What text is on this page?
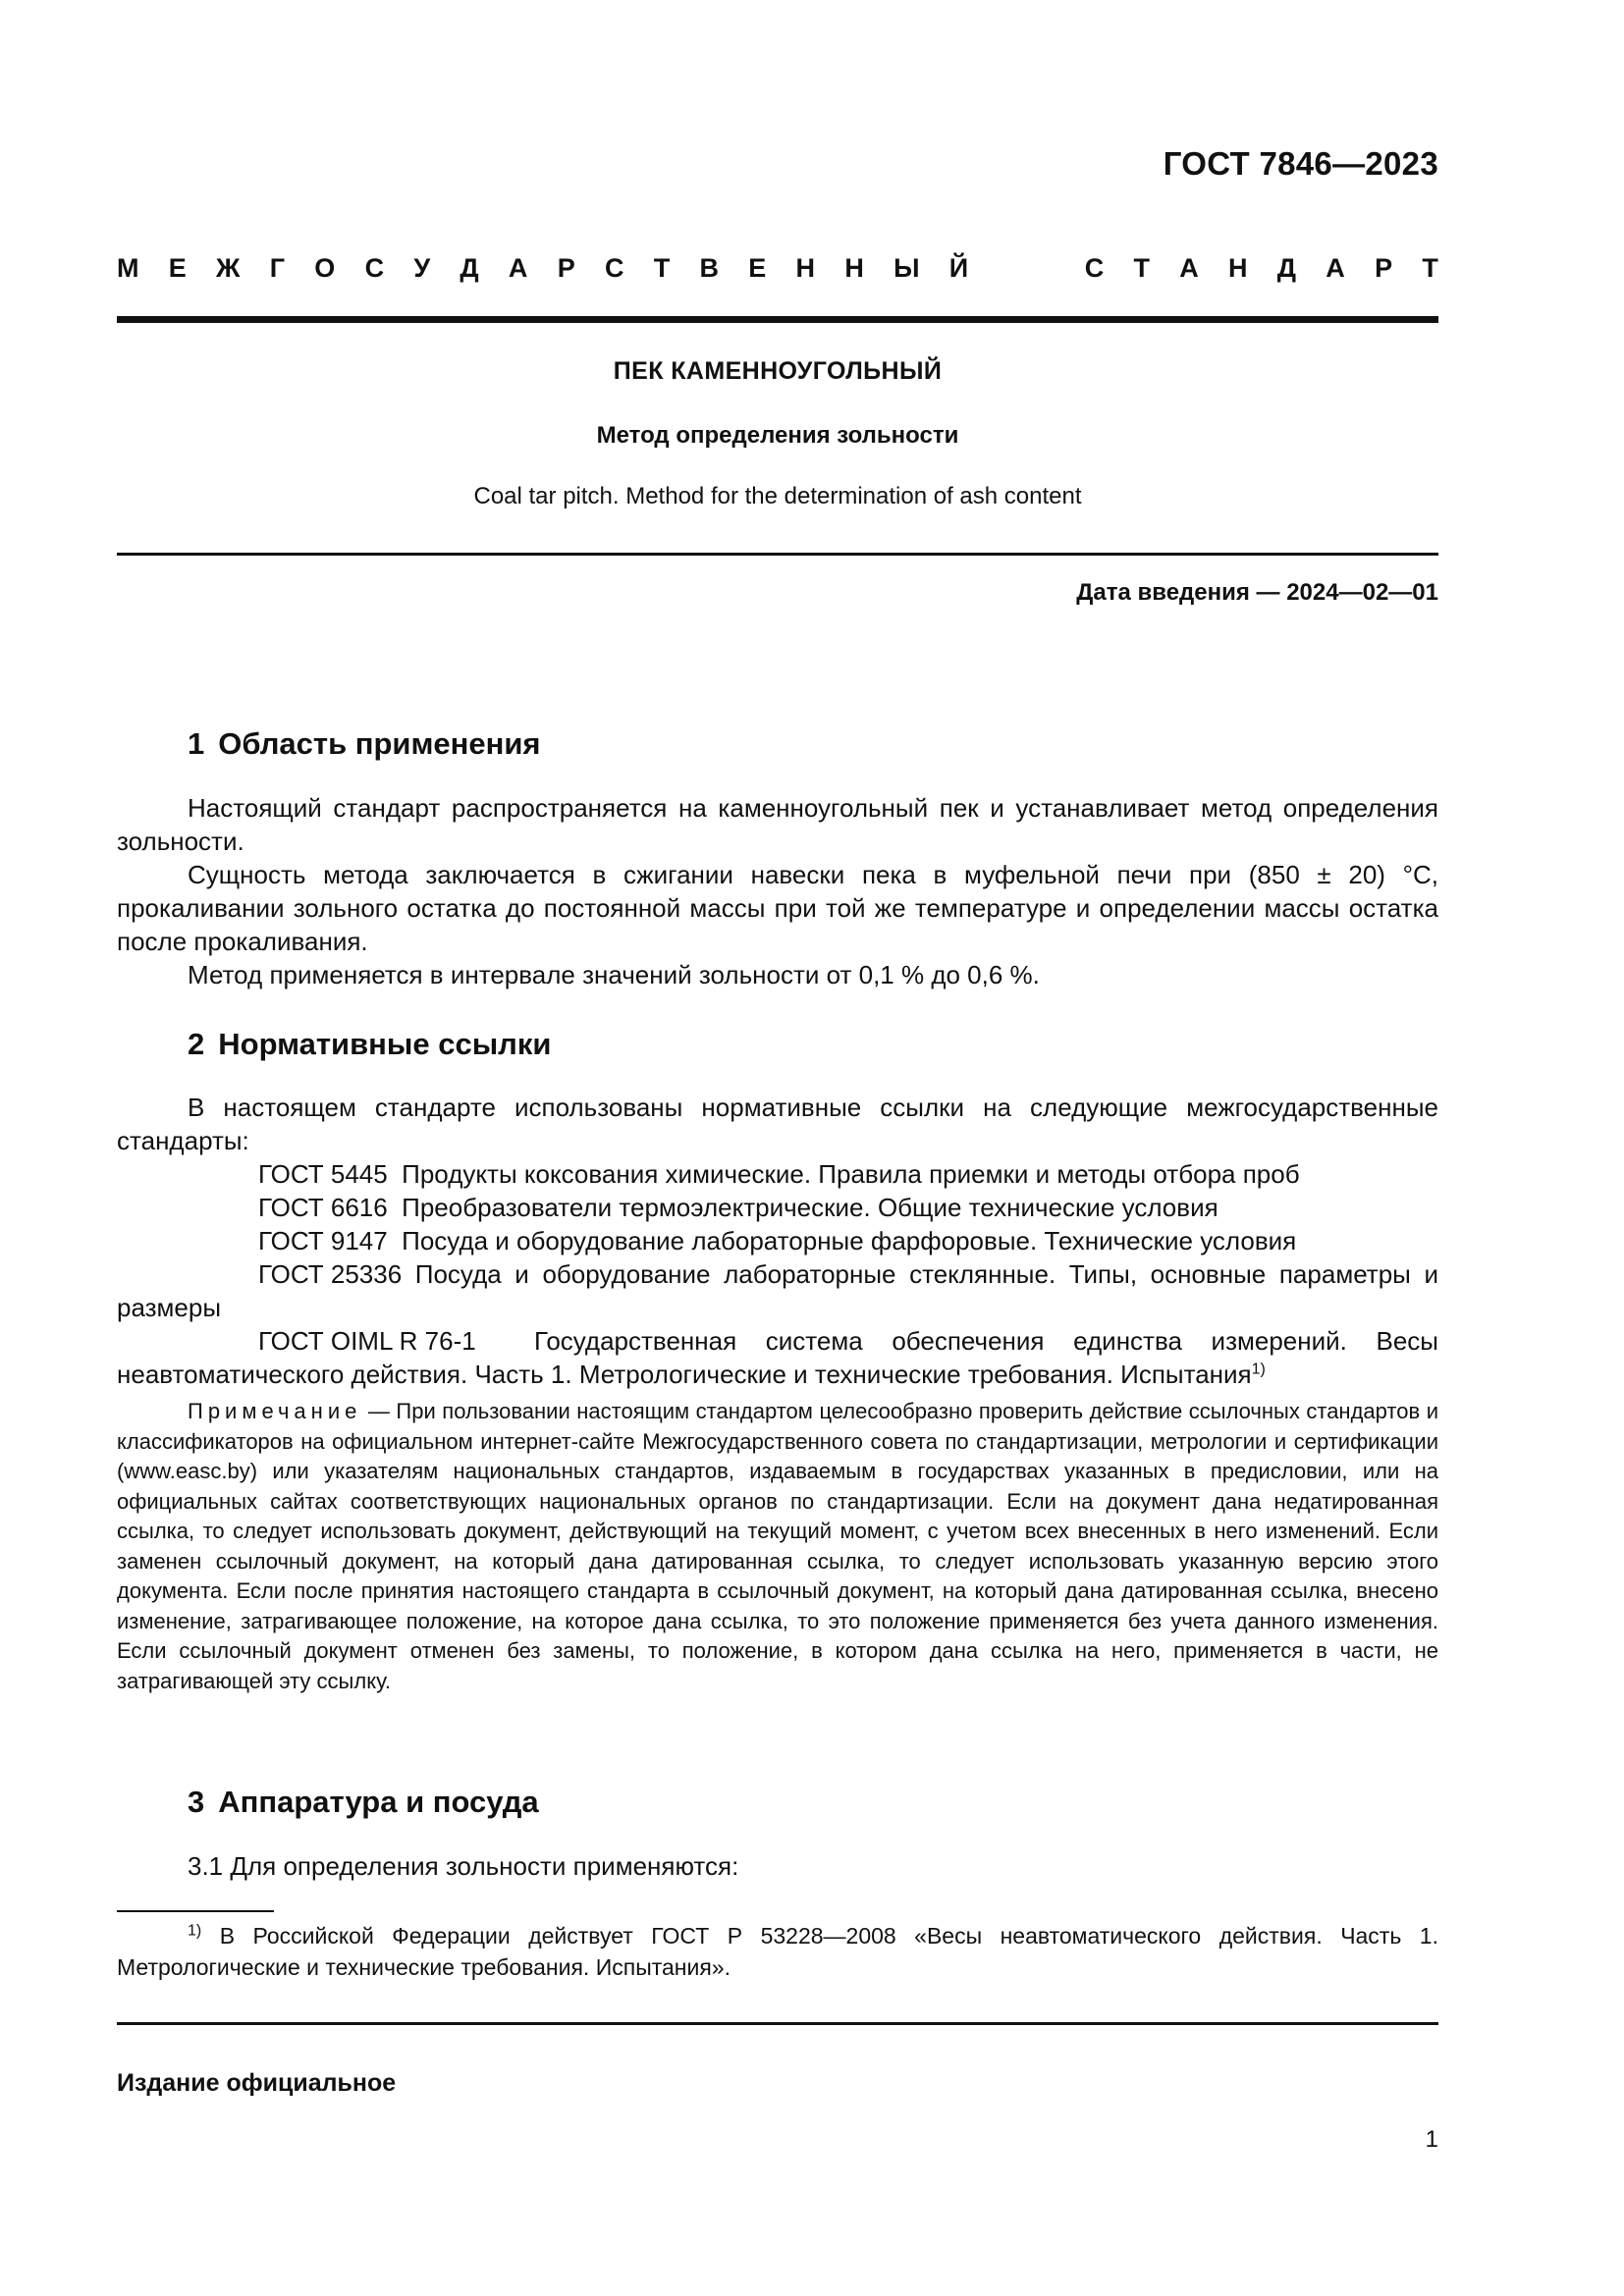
ГОСТ 7846—2023
М Е Ж Г О С У Д А Р С Т В Е Н Н Ы Й	С Т А Н Д А Р Т
ПЕК КАМЕННОУГОЛЬНЫЙ
Метод определения зольности
Coal tar pitch. Method for the determination of ash content
Дата введения — 2024—02—01
1 Область применения

Настоящий стандарт распространяется на каменноугольный пек и устанавливает метод определения зольности.

Сущность метода заключается в сжигании навески пека в муфельной печи при (850 ± 20) °С, прокаливании зольного остатка до постоянной массы при той же температуре и определении массы остатка после прокаливания.

Метод применяется в интервале значений зольности от 0,1 % до 0,6 %.

2 Нормативные ссылки

В настоящем стандарте использованы нормативные ссылки на следующие межгосударственные стандарты:

ГОСТ 5445 Продукты коксования химические. Правила приемки и методы отбора проб

ГОСТ 6616 Преобразователи термоэлектрические. Общие технические условия

ГОСТ 9147 Посуда и оборудование лабораторные фарфоровые. Технические условия

ГОСТ 25336 Посуда и оборудование лабораторные стеклянные. Типы, основные параметры и размеры

ГОСТ OIML R 76-1 Государственная система обеспечения единства измерений. Весы неавтоматического действия. Часть 1. Метрологические и технические требования. Испытания$^{1)}$

Примечание — При пользовании настоящим стандартом целесообразно проверить действие ссылочных стандартов и классификаторов на официальном интернет-сайте Межгосударственного совета по стандартизации, метрологии и сертификации (www.easc.by) или указателям национальных стандартов, издаваемым в государствах указанных в предисловии, или на официальных сайтах соответствующих национальных органов по стандартизации. Если на документ дана недатированная ссылка, то следует использовать документ, действующий на текущий момент, с учетом всех внесенных в него изменений. Если заменен ссылочный документ, на который дана датированная ссылка, то следует использовать указанную версию этого документа. Если после принятия настоящего стандарта в ссылочный документ, на который дана датированная ссылка, внесено изменение, затрагивающее положение, на которое дана ссылка, то это положение применяется без учета данного изменения. Если ссылочный документ отменен без замены, то положение, в котором дана ссылка на него, применяется в части, не затрагивающей эту ссылку.

3 Аппаратура и посуда

3.1 Для определения зольности применяются:

$^{1)}$ В Российской Федерации действует ГОСТ Р 53228—2008 «Весы неавтоматического действия. Часть 1. Метрологические и технические требования. Испытания».

Издание официальное
1
